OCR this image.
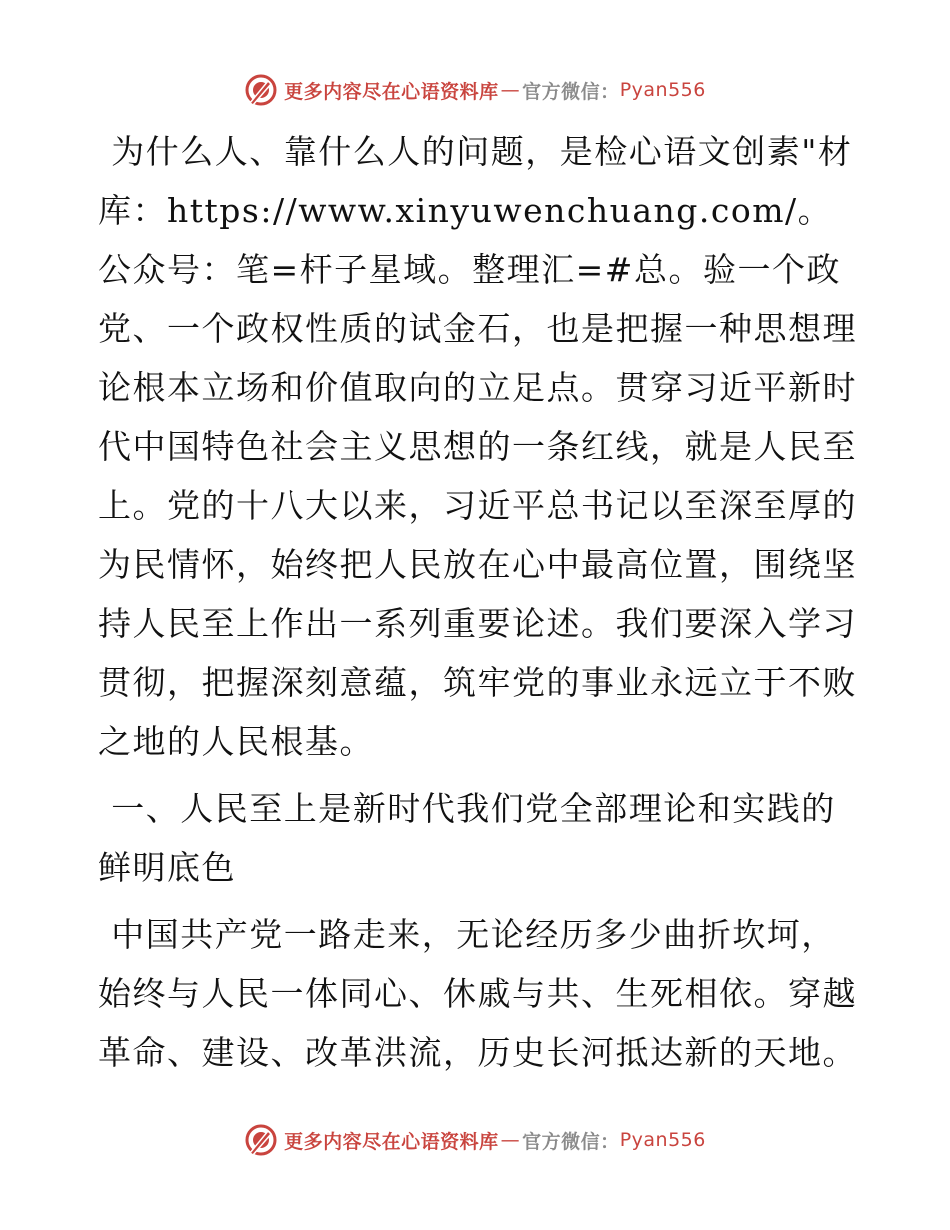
更多内容尽在心语资料库 — 官方微信： Pyan556

为什么人、靠什么人的问题，是检心语文创素"材库：https://www.xinyuwenchuang.com/。公众号：笔=杆子星域。整理汇=#总。验一个政党、一个政权性质的试金石，也是把握一种思想理论根本立场和价值取向的立足点。贯穿习近平新时代中国特色社会主义思想的一条红线，就是人民至上。党的十八大以来，习近平总书记以至深至厚的为民情怀，始终把人民放在心中最高位置，围绕坚持人民至上作出一系列重要论述。我们要深入学习贯彻，把握深刻意蕴，筑牢党的事业永远立于不败之地的人民根基。

一、人民至上是新时代我们党全部理论和实践的鲜明底色

中国共产党一路走来，无论经历多少曲折坎坷，始终与人民一体同心、休戚与共、生死相依。穿越革命、建设、改革洪流，历史长河抵达新的天地。

更多内容尽在心语资料库 — 官方微信： Pyan556
